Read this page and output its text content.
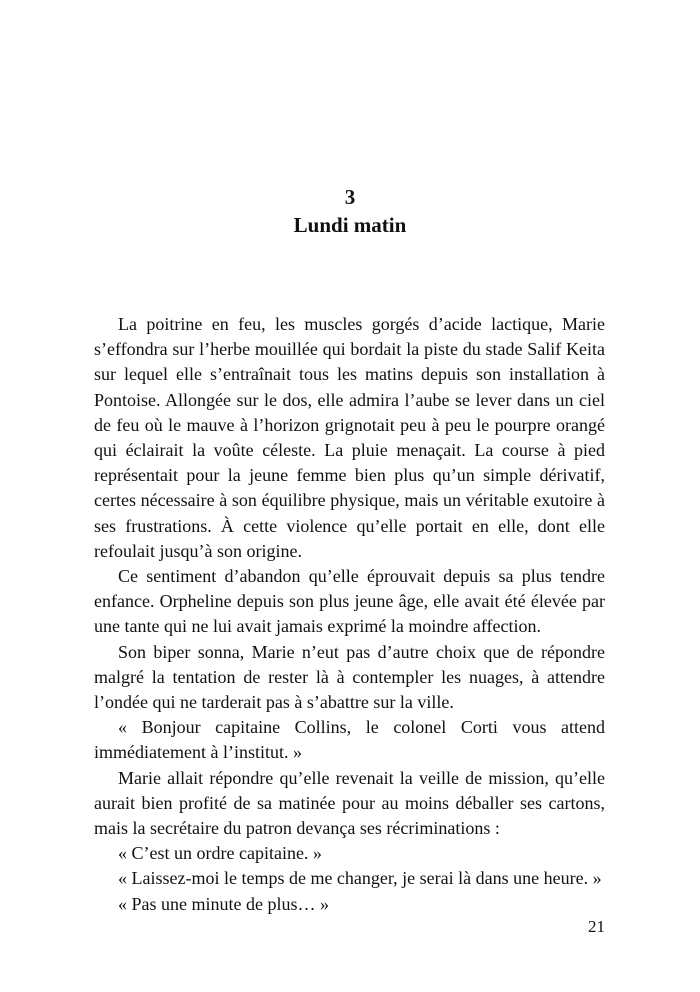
3
Lundi matin

La poitrine en feu, les muscles gorgés d’acide lactique, Marie s’effondra sur l’herbe mouillée qui bordait la piste du stade Salif Keita sur lequel elle s’entraînait tous les matins depuis son installation à Pontoise. Allongée sur le dos, elle admira l’aube se lever dans un ciel de feu où le mauve à l’horizon grignotait peu à peu le pourpre orangé qui éclairait la voûte céleste. La pluie menaçait. La course à pied représentait pour la jeune femme bien plus qu’un simple dérivatif, certes nécessaire à son équilibre physique, mais un véritable exutoire à ses frustrations. À cette violence qu’elle portait en elle, dont elle refoulait jusqu’à son origine.

Ce sentiment d’abandon qu’elle éprouvait depuis sa plus tendre enfance. Orpheline depuis son plus jeune âge, elle avait été élevée par une tante qui ne lui avait jamais exprimé la moindre affection.

Son biper sonna, Marie n’eut pas d’autre choix que de répondre malgré la tentation de rester là à contempler les nuages, à attendre l’ondée qui ne tarderait pas à s’abattre sur la ville.

« Bonjour capitaine Collins, le colonel Corti vous attend immédiatement à l’institut. »

Marie allait répondre qu’elle revenait la veille de mission, qu’elle aurait bien profité de sa matinée pour au moins déballer ses cartons, mais la secrétaire du patron devança ses récriminations :

« C’est un ordre capitaine. »

« Laissez-moi le temps de me changer, je serai là dans une heure. »

« Pas une minute de plus… »

21
